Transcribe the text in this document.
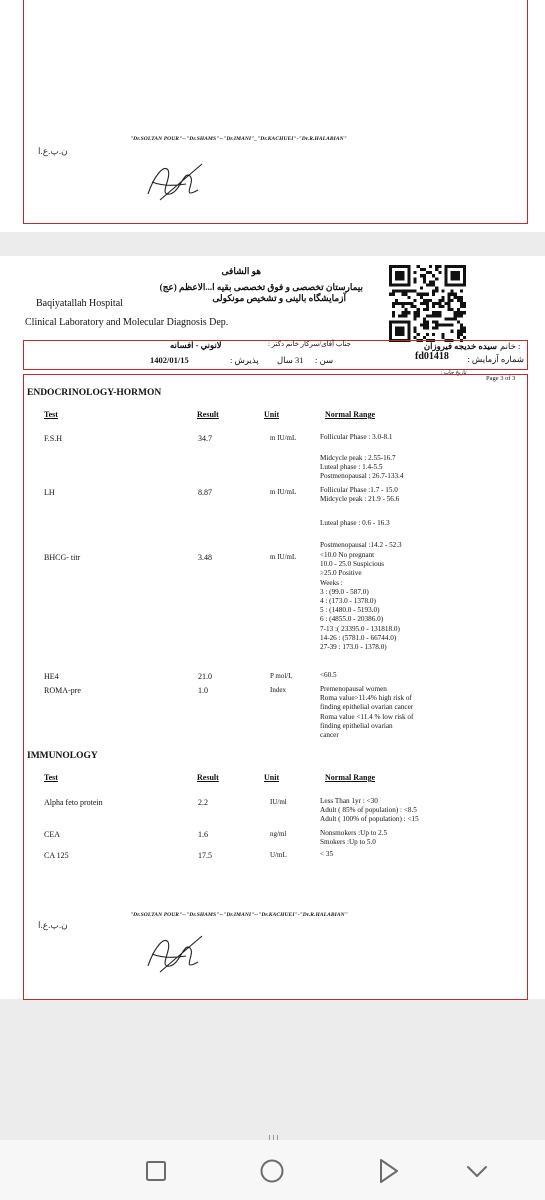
"Dr.SOLTAN POUR"--"Dr.SHAMS"--"Dr.IMANI"_"Dr.KACHUEI"-"Dr.R.HALABIAN"
ن.پ.ع.ا
هو الشافی
بیمارستان تخصصی و فوق تخصصی بقیه ا...الاعظم (عج)
آزمایشگاه بالینی و تشخیص مونکولی
Baqiyatallah Hospital
Clinical Laboratory and Molecular Diagnosis Dep.
خانم :
سیده خدیجه فیروزان
جناب آقای/سرکار خانم دکتر :
لانوني - افسانه
شماره آزمایش :
fd01418
سن :
31 سال
پذیرش :
1402/01/15
تاریخ چاپ :
Page 3 of 3
ENDOCRINOLOGY-HORMON
Test	Result	Unit	Normal Range
F.S.H	34.7	m IU/mL	Follicular Phase : 3.0-8.1
Midcycle peak : 2.55-16.7
Luteal phase : 1.4-5.5
Postmenopausal : 26.7-133.4
LH	8.87	m IU/mL	Follicular Phase :1.7 - 15.0
Midcycle peak : 21.9 - 56.6
Luteal phase : 0.6 - 16.3
Postmenopausal :14.2 - 52.3
BHCG- titr	3.48	m IU/mL	<10.0 No pregnant
10.0 - 25.0 Suspicious
>25.0 Positive
Weeks :
3 : (99.0 - 587.0)
4 : (173.0 - 1378.0)
5 : (1480.0 - 5193.0)
6 : (4855.0 - 20386.0)
7-13 :( 23395.0 - 131818.0)
14-26 : (5781.0 - 66744.0)
27-39 : 173.0 - 1378.0)
HE4	21.0	P mol/L	<60.5
ROMA-pre	1.0	Index	Premenopausal women
Roma value>11.4% high risk of
finding epithelial ovarian cancer
Roma value <11.4 % low risk of
finding epithelial ovarian
cancer
IMMUNOLOGY
Test	Result	Unit	Normal Range
Alpha feto protein	2.2	IU/ml	Less Than 1yr : <30
Adult ( 85% of population) : <8.5
Adult ( 100% of population) : <15
CEA	1.6	ng/ml	Nonsmokers :Up to 2.5
Smokers :Up to 5.0
CA 125	17.5	U/mL	< 35
"Dr.SOLTAN POUR"--"Dr.SHAMS"--"Dr.IMANI"--"Dr.KACHUEI"-"Dr.R.HALABIAN"
ن.پ.ع.ا
